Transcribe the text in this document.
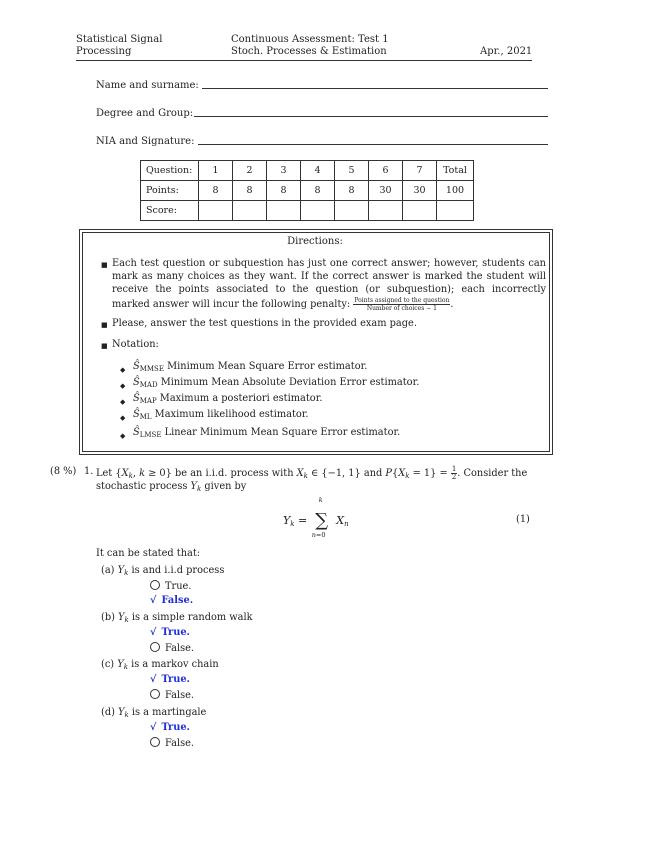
Statistical Signal
Processing
Continuous Assessment: Test 1
Stoch. Processes & Estimation	Apr., 2021
Name and surname:
Degree and Group:
NIA and Signature:
Question:	1	2	3	4	5	6	7	Total
Points:	8	8	8	8	8	30	30	100
Score:								
Directions:
■ Each test question or subquestion has just one correct answer; however, students can mark as many choices as they want. If the correct answer is marked the student will receive the points associated to the question (or subquestion); each incorrectly marked answer will incur the following penalty: $\frac{\text{Points assigned to the question}}{\text{Number of choices − 1}}$ .
■ Please, answer the test questions in the provided exam page.
■ Notation:
◆ $Ŝ_{MMSE}$ Minimum Mean Square Error estimator.
◆ $Ŝ_{MAD}$ Minimum Mean Absolute Deviation Error estimator.
◆ $Ŝ_{MAP}$ Maximum a posteriori estimator.
◆ $Ŝ_{ML}$ Maximum likelihood estimator.
◆ $Ŝ_{LMSE}$ Linear Minimum Mean Square Error estimator.
(8 %) 1. Let {$X_k$, k ≥ 0} be an i.i.d. process with $X_k$ ∈ {−1, 1} and $P\{X_k = 1\} = \frac{1}{2}$ . Consider the
stochastic process $Y_k$ given by
Yk =
k
∑
n=0
Xn	(1)
It can be stated that:
(a) $Y_k$ is and i.i.d process
True.
√ False.
(b) $Y_k$ is a simple random walk
√ True.
False.
(c) $Y_k$ is a markov chain
√ True.
False.
(d) $Y_k$ is a martingale
√ True.
False.
